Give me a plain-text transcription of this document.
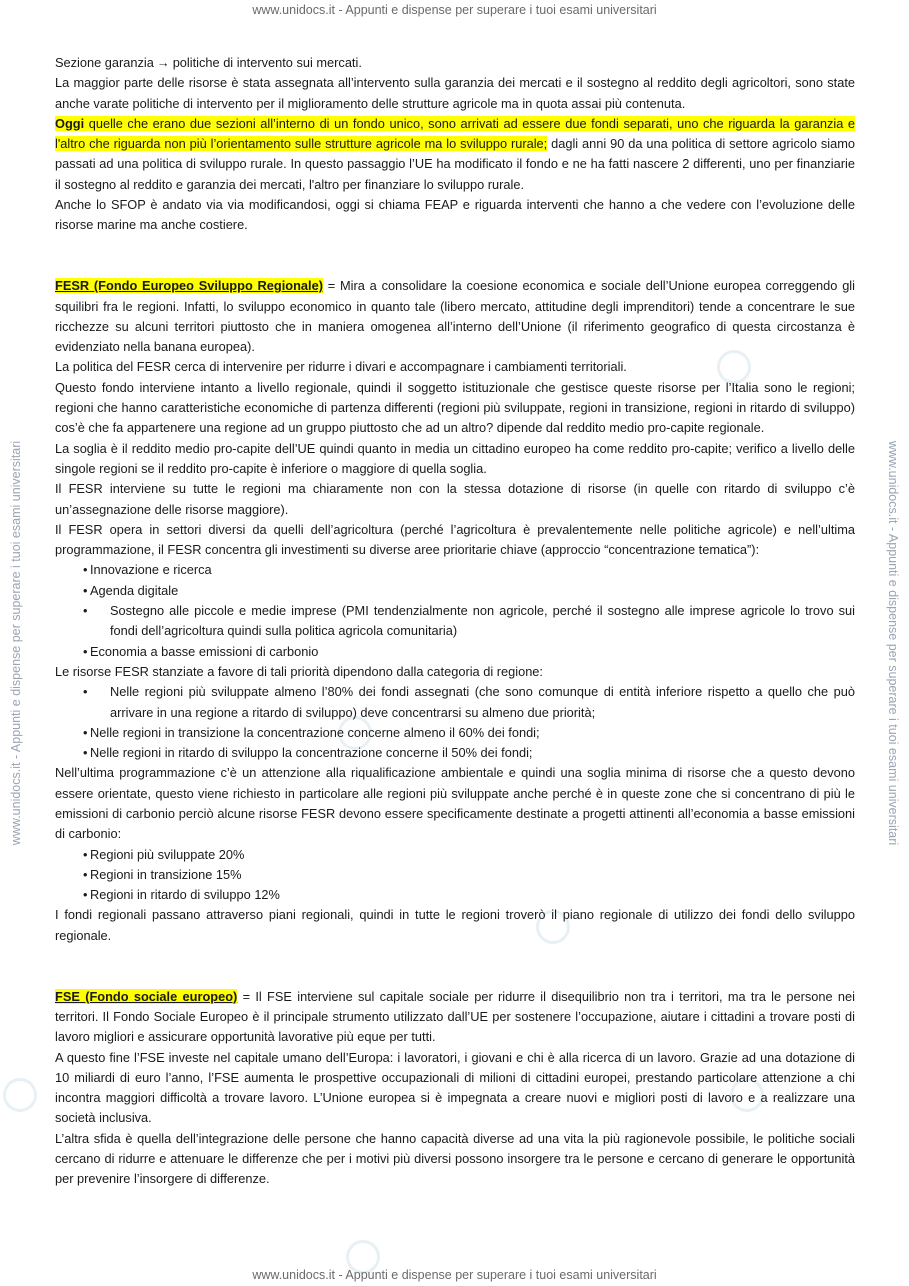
www.unidocs.it - Appunti e dispense per superare i tuoi esami universitari
www.unidocs.it - Appunti e dispense per superare i tuoi esami universitari	www.unidocs.it - Appunti e dispense per superare i tuoi esami universitari

Sezione garanzia → politiche di intervento sui mercati.

La maggior parte delle risorse è stata assegnata all’intervento sulla garanzia dei mercati e il sostegno al reddito degli agricoltori, sono state anche varate politiche di intervento per il miglioramento delle strutture agricole ma in quota assai più contenuta.

Oggi quelle che erano due sezioni all’interno di un fondo unico, sono arrivati ad essere due fondi separati, uno che riguarda la garanzia e l'altro che riguarda non più l’orientamento sulle strutture agricole ma lo sviluppo rurale; dagli anni 90 da una politica di settore agricolo siamo passati ad una politica di sviluppo rurale. In questo passaggio l’UE ha modificato il fondo e ne ha fatti nascere 2 differenti, uno per finanziarie il sostegno al reddito e garanzia dei mercati, l'altro per finanziare lo sviluppo rurale.

Anche lo SFOP è andato via via modificandosi, oggi si chiama FEAP e riguarda interventi che hanno a che vedere con l’evoluzione delle risorse marine ma anche costiere.

FESR (Fondo Europeo Sviluppo Regionale) = Mira a consolidare la coesione economica e sociale dell’Unione europea correggendo gli squilibri fra le regioni. Infatti, lo sviluppo economico in quanto tale (libero mercato, attitudine degli imprenditori) tende a concentrare le sue ricchezze su alcuni territori piuttosto che in maniera omogenea all’interno dell’Unione (il riferimento geografico di questa circostanza è evidenziato nella banana europea).

La politica del FESR cerca di intervenire per ridurre i divari e accompagnare i cambiamenti territoriali.

Questo fondo interviene intanto a livello regionale, quindi il soggetto istituzionale che gestisce queste risorse per l’Italia sono le regioni; regioni che hanno caratteristiche economiche di partenza differenti (regioni più sviluppate, regioni in transizione, regioni in ritardo di sviluppo) cos’è che fa appartenere una regione ad un gruppo piuttosto che ad un altro? dipende dal reddito medio pro-capite regionale.

La soglia è il reddito medio pro-capite dell’UE quindi quanto in media un cittadino europeo ha come reddito pro-capite; verifico a livello delle singole regioni se il reddito pro-capite è inferiore o maggiore di quella soglia.

Il FESR interviene su tutte le regioni ma chiaramente non con la stessa dotazione di risorse (in quelle con ritardo di sviluppo c’è un’assegnazione delle risorse maggiore).

Il FESR opera in settori diversi da quelli dell’agricoltura (perché l’agricoltura è prevalentemente nelle politiche agricole) e nell’ultima programmazione, il FESR concentra gli investimenti su diverse aree prioritarie chiave (approccio “concentrazione tematica”):

• Innovazione e ricerca
• Agenda digitale
• Sostegno alle piccole e medie imprese (PMI tendenzialmente non agricole, perché il sostegno alle imprese agricole lo trovo sui fondi dell’agricoltura quindi sulla politica agricola comunitaria)
• Economia a basse emissioni di carbonio

Le risorse FESR stanziate a favore di tali priorità dipendono dalla categoria di regione:

• Nelle regioni più sviluppate almeno l’80% dei fondi assegnati (che sono comunque di entità inferiore rispetto a quello che può arrivare in una regione a ritardo di sviluppo) deve concentrarsi su almeno due priorità;
• Nelle regioni in transizione la concentrazione concerne almeno il 60% dei fondi;
• Nelle regioni in ritardo di sviluppo la concentrazione concerne il 50% dei fondi;

Nell’ultima programmazione c’è un attenzione alla riqualificazione ambientale e quindi una soglia minima di risorse che a questo devono essere orientate, questo viene richiesto in particolare alle regioni più sviluppate anche perché è in queste zone che si concentrano di più le emissioni di carbonio perciò alcune risorse FESR devono essere specificamente destinate a progetti attinenti all’economia a basse emissioni di carbonio:

• Regioni più sviluppate 20%
• Regioni in transizione 15%
• Regioni in ritardo di sviluppo 12%

I fondi regionali passano attraverso piani regionali, quindi in tutte le regioni troverò il piano regionale di utilizzo dei fondi dello sviluppo regionale.

FSE (Fondo sociale europeo) = Il FSE interviene sul capitale sociale per ridurre il disequilibrio non tra i territori, ma tra le persone nei territori. Il Fondo Sociale Europeo è il principale strumento utilizzato dall’UE per sostenere l’occupazione, aiutare i cittadini a trovare posti di lavoro migliori e assicurare opportunità lavorative più eque per tutti.

A questo fine l’FSE investe nel capitale umano dell’Europa: i lavoratori, i giovani e chi è alla ricerca di un lavoro. Grazie ad una dotazione di 10 miliardi di euro l’anno, l’FSE aumenta le prospettive occupazionali di milioni di cittadini europei, prestando particolare attenzione a chi incontra maggiori difficoltà a trovare lavoro. L’Unione europea si è impegnata a creare nuovi e migliori posti di lavoro e a realizzare una società inclusiva.

L’altra sfida è quella dell’integrazione delle persone che hanno capacità diverse ad una vita la più ragionevole possibile, le politiche sociali cercano di ridurre e attenuare le differenze che per i motivi più diversi possono insorgere tra le persone e cercano di generare le opportunità per prevenire l’insorgere di differenze.

www.unidocs.it - Appunti e dispense per superare i tuoi esami universitari
